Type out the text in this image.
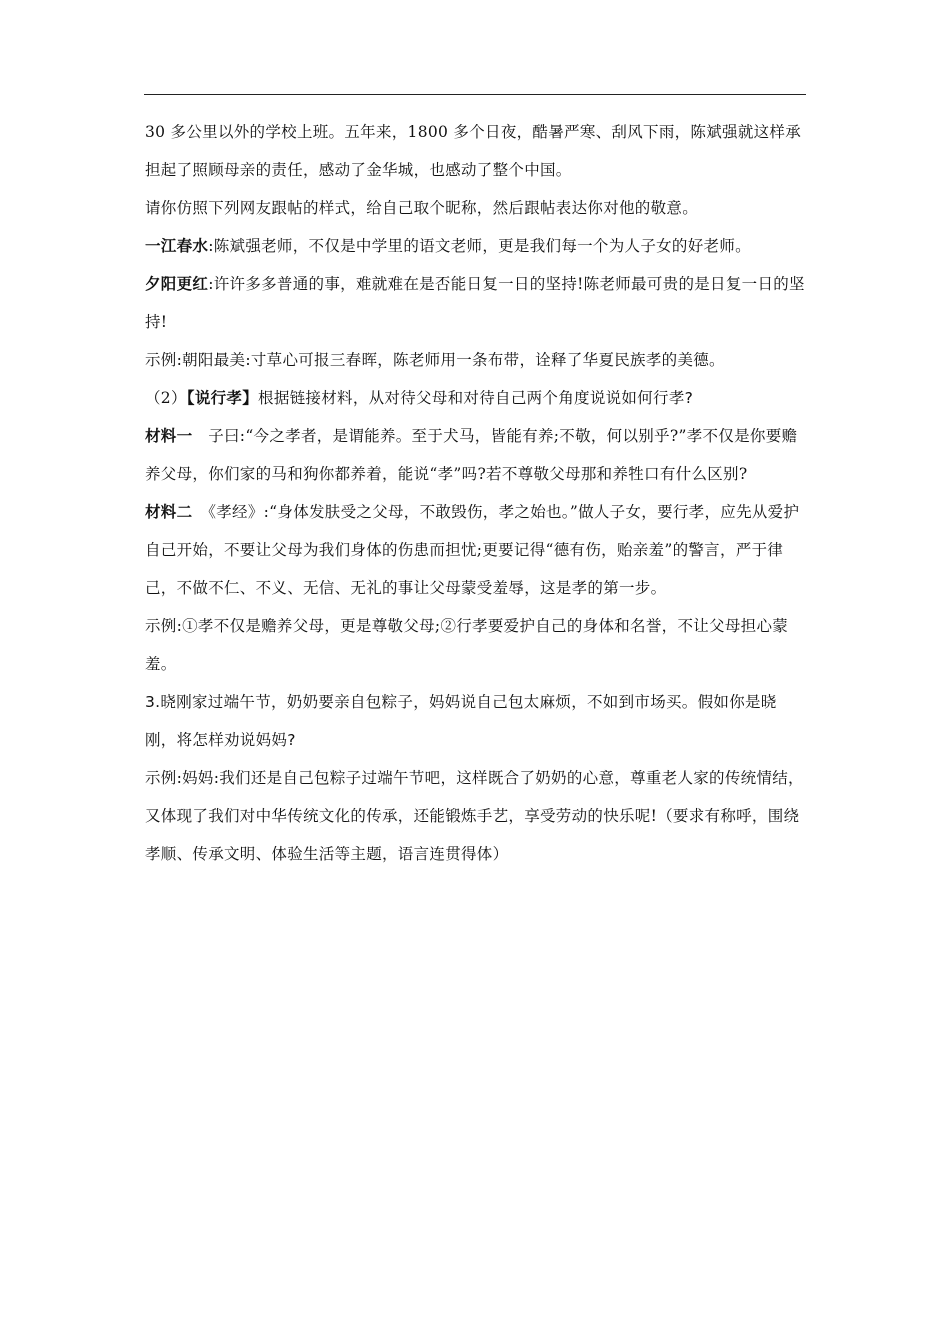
30 多公里以外的学校上班。五年来，1800 多个日夜，酷暑严寒、刮风下雨，陈斌强就这样承担起了照顾母亲的责任，感动了金华城，也感动了整个中国。

请你仿照下列网友跟帖的样式，给自己取个昵称，然后跟帖表达你对他的敬意。

一江春水:陈斌强老师，不仅是中学里的语文老师，更是我们每一个为人子女的好老师。

夕阳更红:许许多多普通的事，难就难在是否能日复一日的坚持!陈老师最可贵的是日复一日的坚持!

示例:朝阳最美:寸草心可报三春晖，陈老师用一条布带，诠释了华夏民族孝的美德。

（2）【说行孝】根据链接材料，从对待父母和对待自己两个角度说说如何行孝?

材料一　子曰:“今之孝者，是谓能养。至于犬马，皆能有养;不敬，何以别乎?”孝不仅是你要赡养父母，你们家的马和狗你都养着，能说“孝”吗?若不尊敬父母那和养牲口有什么区别?

材料二　《孝经》:“身体发肤受之父母，不敢毁伤，孝之始也。”做人子女，要行孝，应先从爱护自己开始，不要让父母为我们身体的伤患而担忧;更要记得“德有伤，贻亲羞”的警言，严于律己，不做不仁、不义、无信、无礼的事让父母蒙受羞辱，这是孝的第一步。

示例:①孝不仅是赡养父母，更是尊敬父母;②行孝要爱护自己的身体和名誉，不让父母担心蒙羞。

3.晓刚家过端午节，奶奶要亲自包粽子，妈妈说自己包太麻烦，不如到市场买。假如你是晓刚，将怎样劝说妈妈?

示例:妈妈:我们还是自己包粽子过端午节吧，这样既合了奶奶的心意，尊重老人家的传统情结，又体现了我们对中华传统文化的传承，还能锻炼手艺，享受劳动的快乐呢!（要求有称呼，围绕孝顺、传承文明、体验生活等主题，语言连贯得体）
